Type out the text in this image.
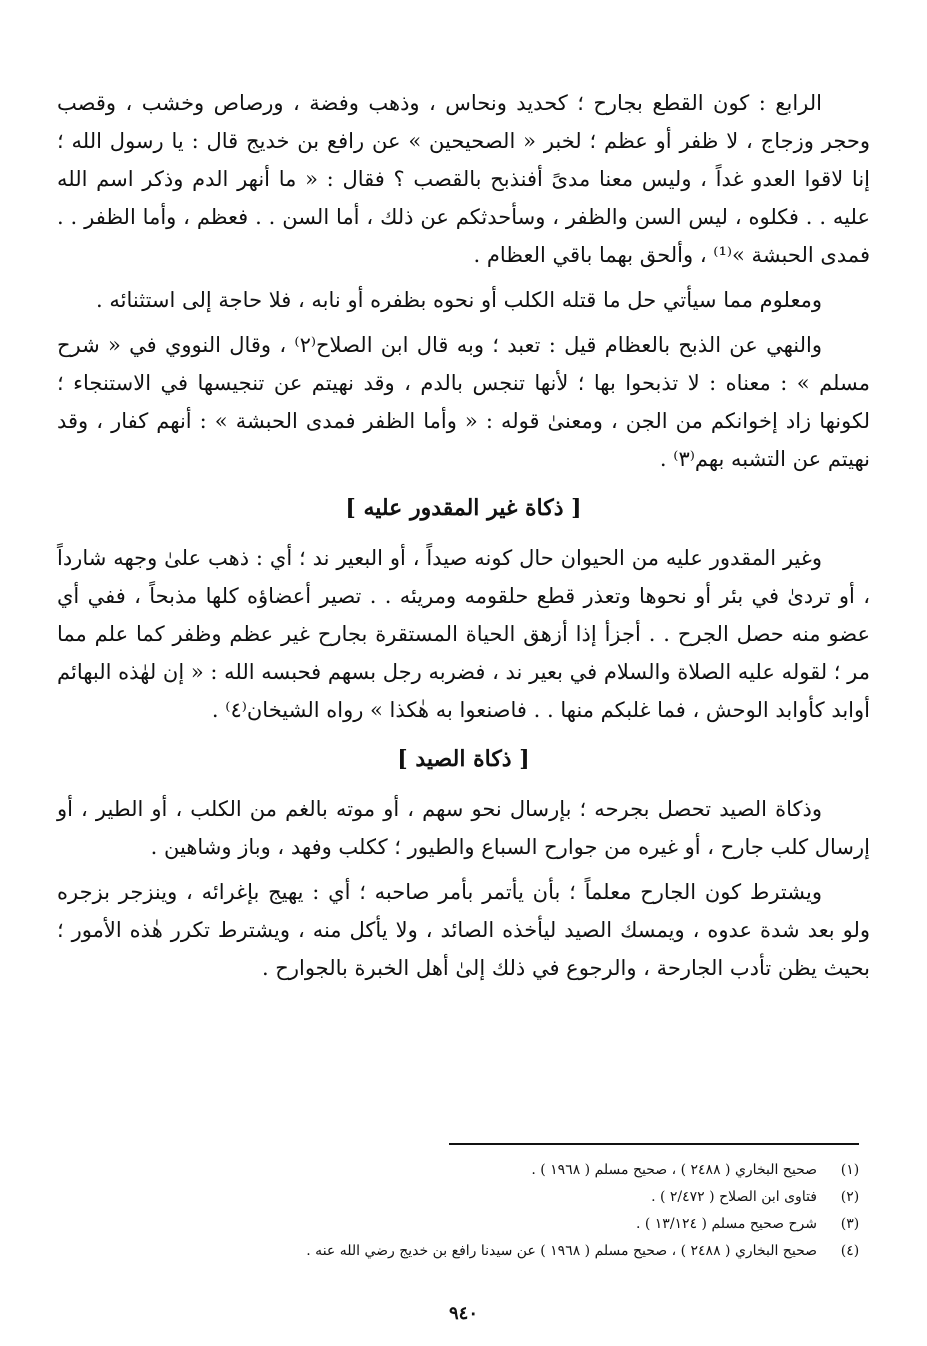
الرابع : كون القطع بجارح ؛ كحديد ونحاس ، وذهب وفضة ، ورصاص وخشب ، وقصب وحجر وزجاج ، لا ظفر أو عظم ؛ لخبر « الصحيحين » عن رافع بن خديج قال : يا رسول الله ؛ إنا لاقوا العدو غداً ، وليس معنا مدىً أفنذبح بالقصب ؟ فقال : « ما أنهر الدم وذكر اسم الله عليه . . فكلوه ، ليس السن والظفر ، وسأحدثكم عن ذلك ، أما السن . . فعظم ، وأما الظفر . . فمدى الحبشة »⁽¹⁾ ، وألحق بهما باقي العظام .

ومعلوم مما سيأتي حل ما قتله الكلب أو نحوه بظفره أو نابه ، فلا حاجة إلى استثنائه .

والنهي عن الذبح بالعظام قيل : تعبد ؛ وبه قال ابن الصلاح⁽٢⁾ ، وقال النووي في « شرح مسلم » : معناه : لا تذبحوا بها ؛ لأنها تنجس بالدم ، وقد نهيتم عن تنجيسها في الاستنجاء ؛ لكونها زاد إخوانكم من الجن ، ومعنىٰ قوله : « وأما الظفر فمدى الحبشة » : أنهم كفار ، وقد نهيتم عن التشبه بهم⁽٣⁾ .

[ ذكاة غير المقدور عليه ]

وغير المقدور عليه من الحيوان حال كونه صيداً ، أو البعير ند ؛ أي : ذهب علىٰ وجهه شارداً ، أو تردىٰ في بئر أو نحوها وتعذر قطع حلقومه ومريئه . . تصير أعضاؤه كلها مذبحاً ، ففي أي عضو منه حصل الجرح . . أجزأ إذا أزهق الحياة المستقرة بجارح غير عظم وظفر كما علم مما مر ؛ لقوله عليه الصلاة والسلام في بعير ند ، فضربه رجل بسهم فحبسه الله : « إن لهٰذه البهائم أوابد كأوابد الوحش ، فما غلبكم منها . . فاصنعوا به هٰكذا » رواه الشيخان⁽٤⁾ .

[ ذكاة الصيد ]

وذكاة الصيد تحصل بجرحه ؛ بإرسال نحو سهم ، أو موته بالغم من الكلب ، أو الطير ، أو إرسال كلب جارح ، أو غيره من جوارح السباع والطيور ؛ ككلب وفهد ، وباز وشاهين .

ويشترط كون الجارح معلماً ؛ بأن يأتمر بأمر صاحبه ؛ أي : يهيج بإغرائه ، وينزجر بزجره ولو بعد شدة عدوه ، ويمسك الصيد ليأخذه الصائد ، ولا يأكل منه ، ويشترط تكرر هٰذه الأمور ؛ بحيث يظن تأدب الجارحة ، والرجوع في ذلك إلىٰ أهل الخبرة بالجوارح .

(١)
صحيح البخاري ( ٢٤٨٨ ) ، صحيح مسلم ( ١٩٦٨ ) .
(٢)
فتاوى ابن الصلاح ( ٢/٤٧٢ ) .
(٣)
شرح صحيح مسلم ( ١٣/١٢٤ ) .
(٤)
صحيح البخاري ( ٢٤٨٨ ) ، صحيح مسلم ( ١٩٦٨ ) عن سيدنا رافع بن خديج رضي الله عنه .
٩٤٠
